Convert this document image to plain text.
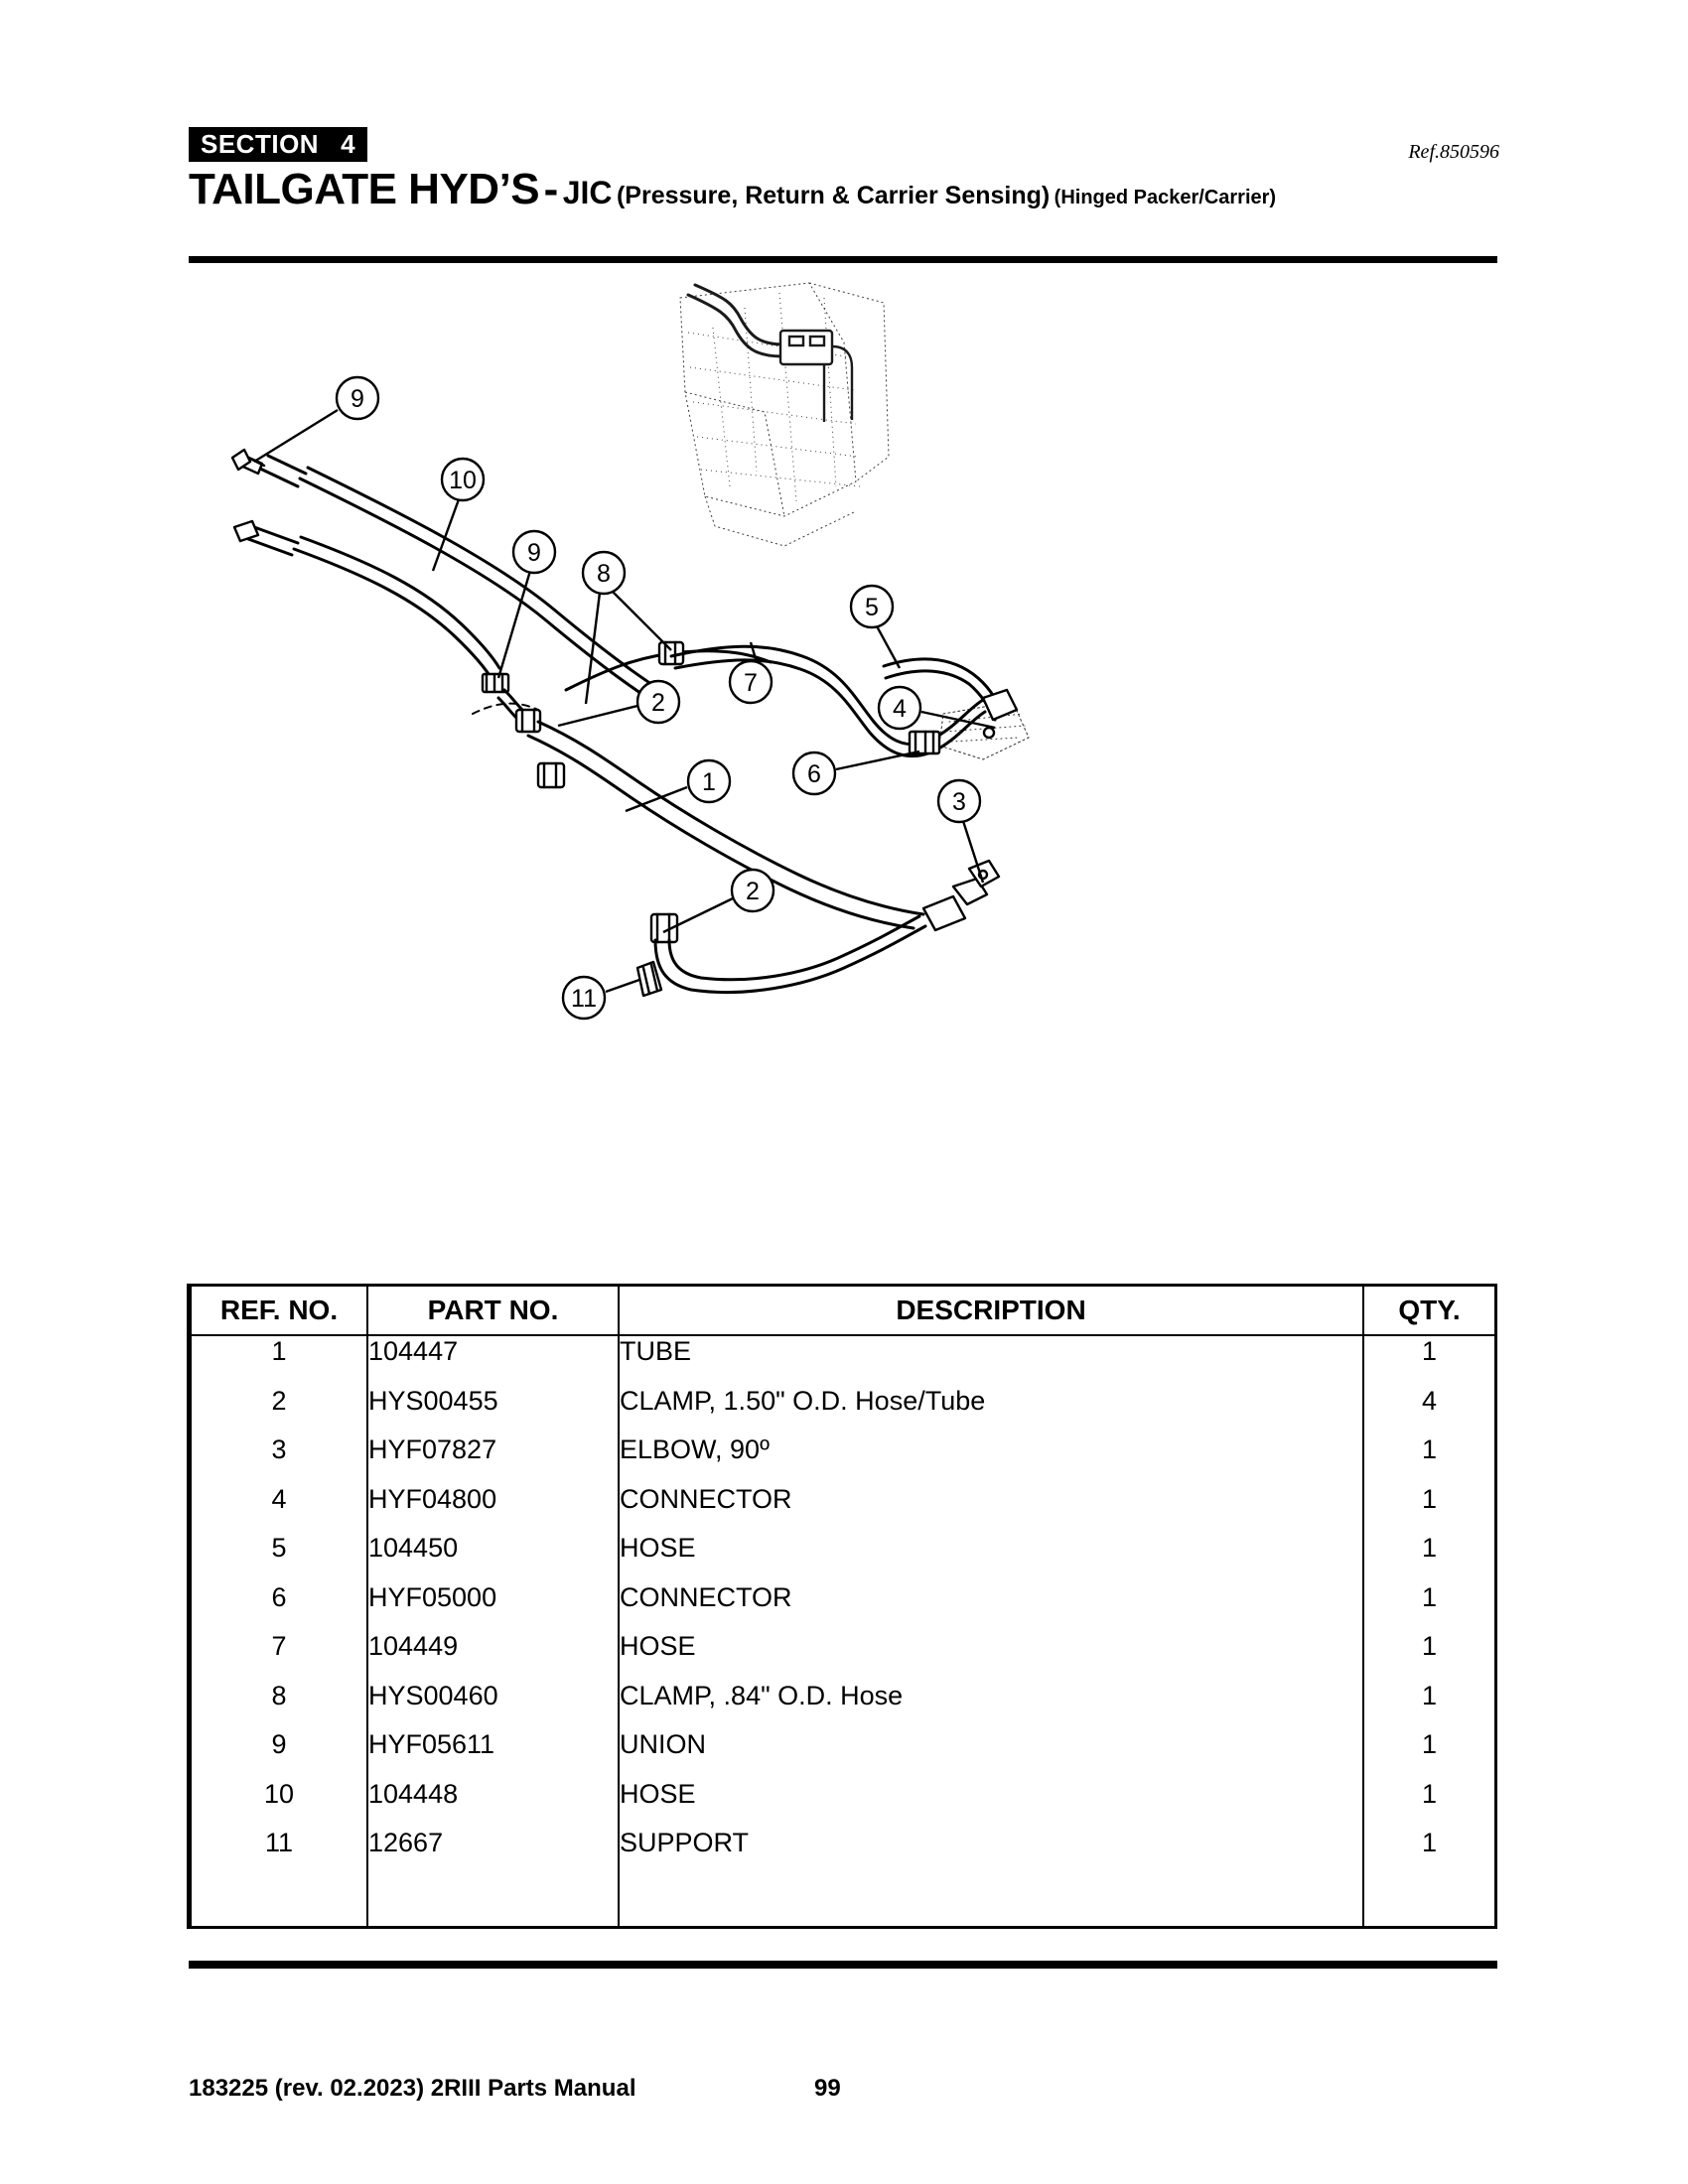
SECTION 4	Ref.850596
TAILGATE HYD’S - JIC (Pressure, Return & Carrier Sensing) (Hinged Packer/Carrier)
9
10
9
8
5
7
2	4
6
1
3
2
11
REF. NO.	PART NO.	DESCRIPTION	QTY.
1	104447	TUBE	1
2	HYS00455	CLAMP, 1.50" O.D. Hose/Tube	4
3	HYF07827	ELBOW, 90º	1
4	HYF04800	CONNECTOR	1
5	104450	HOSE	1
6	HYF05000	CONNECTOR	1
7	104449	HOSE	1
8	HYS00460	CLAMP, .84" O.D. Hose	1
9	HYF05611	UNION	1
10	104448	HOSE	1
11	12667	SUPPORT	1

183225 (rev. 02.2023) 2RIII Parts Manual	99
